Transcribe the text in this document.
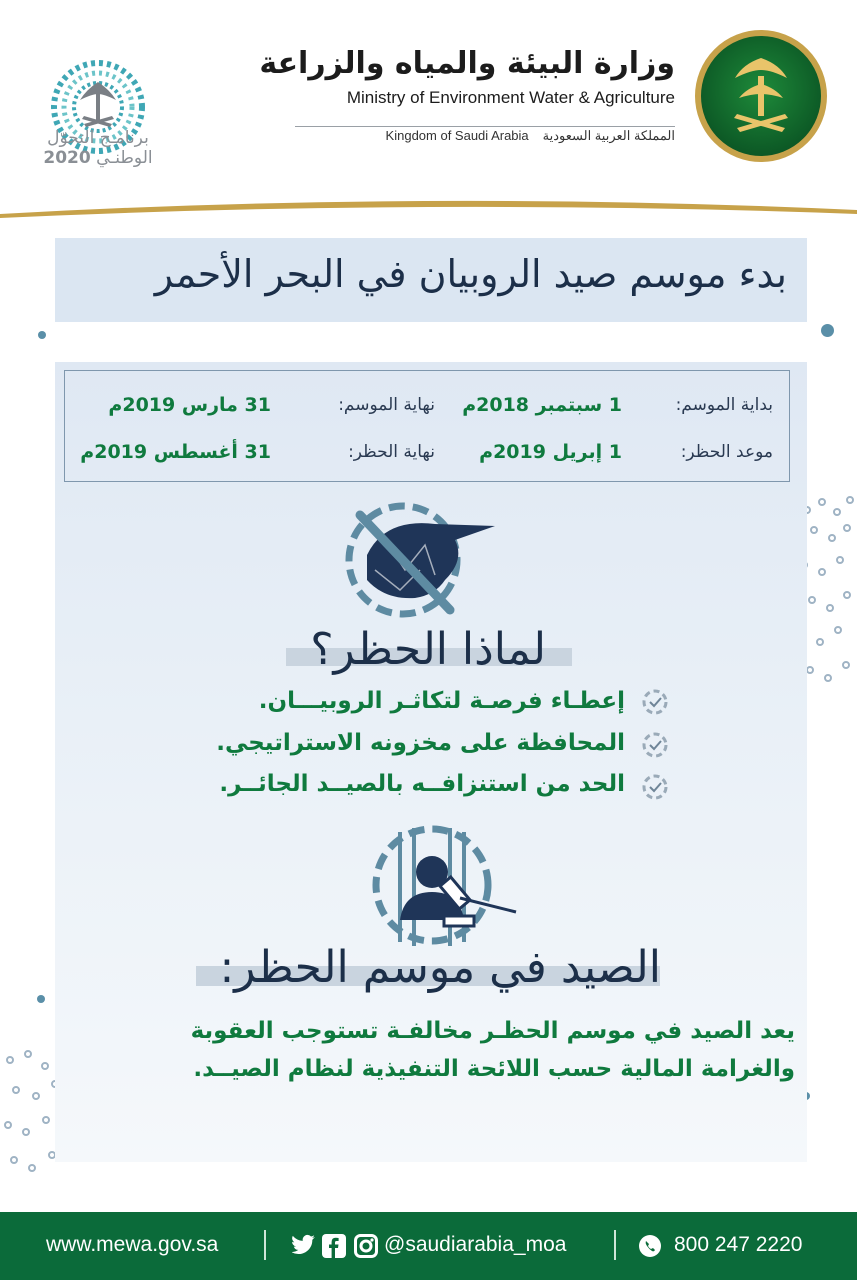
برنامـج التحوّل
2020 الوطنـي
وزارة البيئة والمياه والزراعة
Ministry of Environment Water & Agriculture
Kingdom of Saudi Arabia المملكة العربية السعودية
بدء موسم صيد الروبيان في البحر الأحمر
بداية الموسم:
1 سبتمبر 2018م
نهاية الموسم:
31 مارس 2019م
موعد الحظر:
1 إبريل 2019م
نهاية الحظر:
31 أغسطس 2019م
لماذا الحظر؟
إعطـاء فرصـة لتكاثـر الروبيـــان.
المحافظة على مخزونه الاستراتيجي.
الحد من استنزافــه بالصيــد الجائــر.
الصيد في موسم الحظر:
يعد الصيد في موسم الحظـر مخالفـة تستوجب العقوبة والغرامة المالية حسب اللائحة التنفيذية لنظام الصيــد.
www.mewa.gov.sa	@saudiarabia_moa	800 247 2220
